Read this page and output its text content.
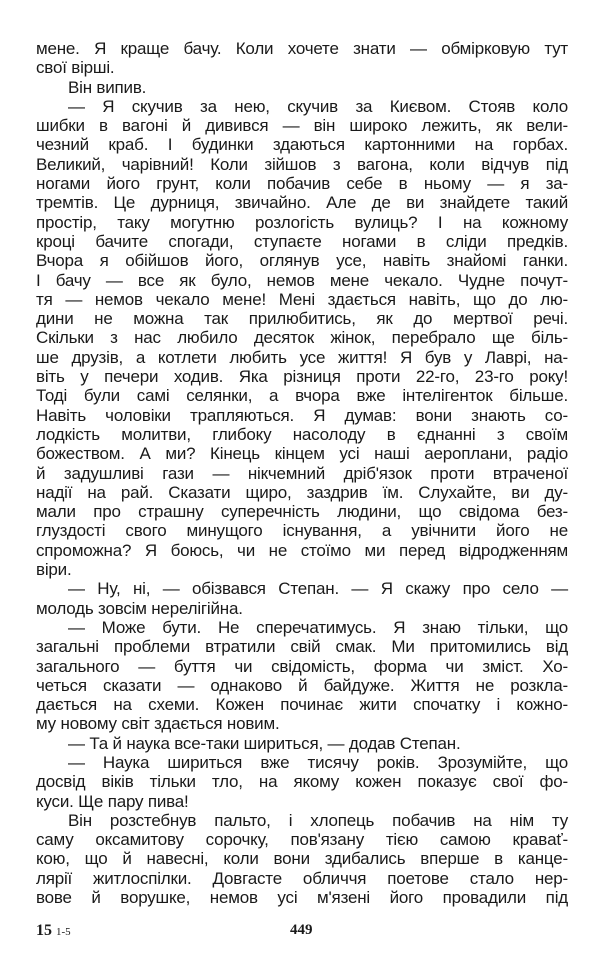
мене. Я краще бачу. Коли хочете знати — обмірковую тут
свої вірші.
Він випив.
— Я скучив за нею, скучив за Києвом. Стояв коло
шибки в вагоні й дивився — він широко лежить, як вели-
чезний краб. І будинки здаються картонними на горбах.
Великий, чарівний! Коли зійшов з вагона, коли відчув під
ногами його грунт, коли побачив себе в ньому — я за-
тремтів. Це дурниця, звичайно. Але де ви знайдете такий
простір, таку могутню розлогість вулиць? І на кожному
кроці бачите спогади, ступаєте ногами в сліди предків.
Вчора я обійшов його, оглянув усе, навіть знайомі ганки.
І бачу — все як було, немов мене чекало. Чудне почут-
тя — немов чекало мене! Мені здається навіть, що до лю-
дини не можна так прилюбитись, як до мертвої речі.
Скільки з нас любило десяток жінок, перебрало ще біль-
ше друзів, а котлети любить усе життя! Я був у Лаврі, на-
віть у печери ходив. Яка різниця проти 22-го, 23-го року!
Тоді були самі селянки, а вчора вже інтелігенток більше.
Навіть чоловіки трапляються. Я думав: вони знають со-
лодкість молитви, глибоку насолоду в єднанні з своїм
божеством. А ми? Кінець кінцем усі наші аероплани, радіо
й задушливі гази — нікчемний дріб'язок проти втраченої
надії на рай. Сказати щиро, заздрив їм. Слухайте, ви ду-
мали про страшну суперечність людини, що свідома без-
глуздості свого минущого існування, а увічнити його не
спроможна? Я боюсь, чи не стоїмо ми перед відродженням
віри.
— Ну, ні, — обізвався Степан. — Я скажу про село —
молодь зовсім нерелігійна.
— Може бути. Не сперечатимусь. Я знаю тільки, що
загальні проблеми втратили свій смак. Ми притомились від
загального — буття чи свідомість, форма чи зміст. Хо-
четься сказати — однаково й байдуже. Життя не розкла-
дається на схеми. Кожен починає жити спочатку і кожно-
му новому світ здається новим.
— Та й наука все-таки шириться, — додав Степан.
— Наука шириться вже тисячу років. Зрозумійте, що
досвід віків тільки тло, на якому кожен показує свої фо-
куси. Ще пару пива!
Він розстебнув пальто, і хлопець побачив на нім ту
саму оксамитову сорочку, пов'язану тією самою кравať-
кою, що й навесні, коли вони здибались вперше в канце-
лярії житлоспілки. Довгасте обличчя поетове стало нер-
вове й ворушке, немов усі м'язені його провадили під
15 1-5	449
